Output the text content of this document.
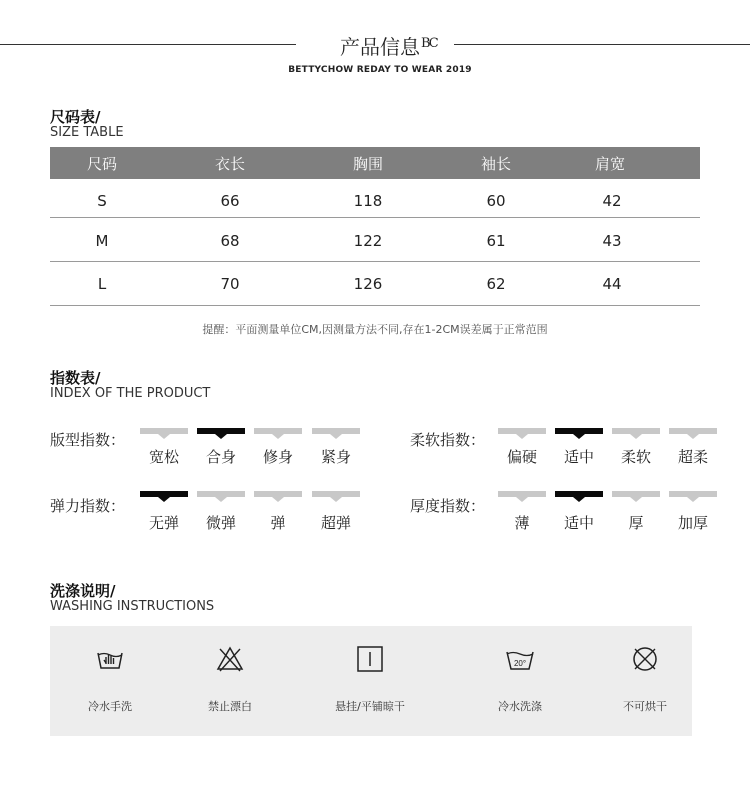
产品信息 BC
BETTYCHOW REDAY TO WEAR 2019
尺码表/
SIZE TABLE
尺码	衣长	胸围	袖长	肩宽
S	66	118	60	42
M	68	122	61	43
L	70	126	62	44
提醒：平面测量单位CM,因测量方法不同,存在1-2CM误差属于正常范围
指数表/
INDEX OF THE PRODUCT
版型指数：
宽松	合身	修身	紧身
柔软指数：
偏硬	适中	柔软	超柔
弹力指数：
无弹	微弹	弹	超弹
厚度指数：
薄	适中	厚	加厚
洗涤说明/
WASHING INSTRUCTIONS
冷水手洗	禁止漂白	悬挂/平铺晾干
20°
冷水洗涤	不可烘干
